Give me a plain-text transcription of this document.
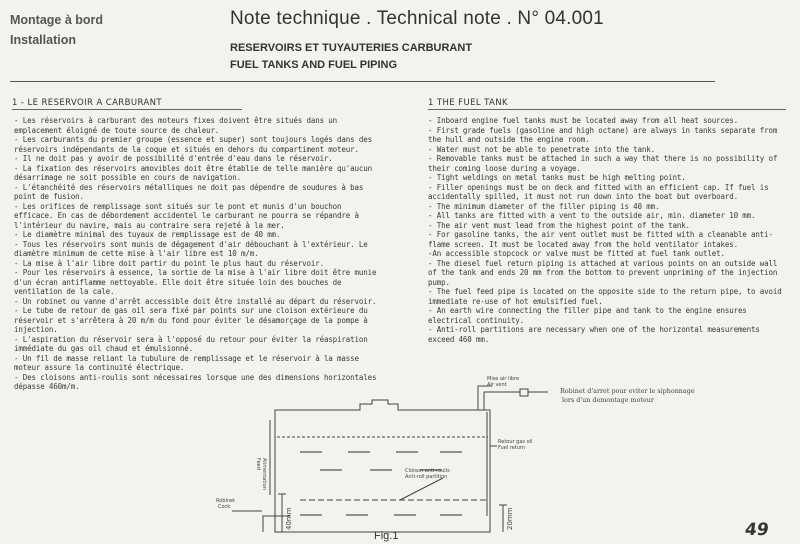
Montage à bord
Installation
Note technique . Technical note . N° 04.001
RESERVOIRS ET TUYAUTERIES CARBURANT
FUEL TANKS AND FUEL PIPING
1 - LE RESERVOIR A CARBURANT	1 THE FUEL TANK

- Les réservoirs à carburant des moteurs fixes doivent être situés dans un emplacement éloigné de toute source de chaleur.

- Les carburants du premier groupe (essence et super) sont toujours logés dans des réservoirs indépendants de la coque et situés en dehors du compartiment moteur.

- Il ne doit pas y avoir de possibilité d'entrée d'eau dans le réservoir.

- La fixation des réservoirs amovibles doit être établie de telle manière qu'aucun désarrimage ne soit possible en cours de navigation.

- L'étanchéité des réservoirs métalliques ne doit pas dépendre de soudures à bas point de fusion.

- Les orifices de remplissage sont situés sur le pont et munis d'un bouchon efficace. En cas de débordement accidentel le carburant ne pourra se répandre à l'intérieur du navire, mais au contraire sera rejeté à la mer.

- Le diamètre minimal des tuyaux de remplissage est de 40 mm.

- Tous les réservoirs sont munis de dégagement d'air débouchant à l'extérieur. Le diamètre minimum de cette mise à l'air libre est 10 m/m.

- La mise à l'air libre doit partir du point le plus haut du réservoir.

- Pour les réservoirs à essence, la sortie de la mise à l'air libre doit être munie d'un écran antiflamme nettoyable. Elle doit être située loin des bouches de ventilation de la cale.

- Un robinet ou vanne d'arrêt accessible doit être installé au départ du réservoir.

- Le tube de retour de gas oil sera fixé par points sur une cloison extérieure du réservoir et s'arrêtera à 20 m/m du fond pour éviter le désamorçage de la pompe à injection.

- L'aspiration du réservoir sera à l'opposé du retour pour éviter la réaspiration immédiate du gas oil chaud et émulsionné.

- Un fil de masse reliant la tubulure de remplissage et le réservoir à la masse moteur assure la continuité électrique.

- Des cloisons anti-roulis sont nécessaires lorsque une des dimensions horizontales dépasse 460m/m.

- Inboard engine fuel tanks must be located away from all heat sources.

- First grade fuels (gasoline and high octane) are always in tanks separate from the hull and outside the engine room.

- Water must not be able to penetrate into the tank.

- Removable tanks must be attached in such a way that there is no possibility of their coming loose during a voyage.

- Tight weldings on metal tanks must be high melting point.

- Filler openings must be on deck and fitted with an efficient cap. If fuel is accidentally spilled, it must not run down into the boat but overboard.

- The minimum diameter of the filler piping is 40 mm.

- All tanks are fitted with a vent to the outside air, min. diameter 10 mm.

- The air vent must lead from the highest point of the tank.

- For gasoline tanks, the air vent outlet must be fitted with a cleanable anti-flame screen. It must be located away from the hold ventilator intakes.

-An accessible stopcock or valve must be fitted at fuel tank outlet.

- The diesel fuel return piping is attached at various points on an outside wall of the tank and ends 20 mm from the bottom to prevent unpriming of the injection pump.

- The fuel feed pipe is located on the opposite side to the return pipe, to avoid immediate re-use of hot emulsified fuel.

- An earth wire connecting the filler pipe and tank to the engine ensures electrical continuity.

- Anti-roll partitions are necessary when one of the horizontal measurements exceed 460 mm.

Mise air libre
Air vent
Robinet d'arret pour eviter le siphonnage
lors d'un demontage moteur
Retour gas oil
Fuel return
Cloison anti-roulis
Anti-roll partition
Robinet
Cock
Alimentation
Feed
40mm	20mm
Fig.1	49
